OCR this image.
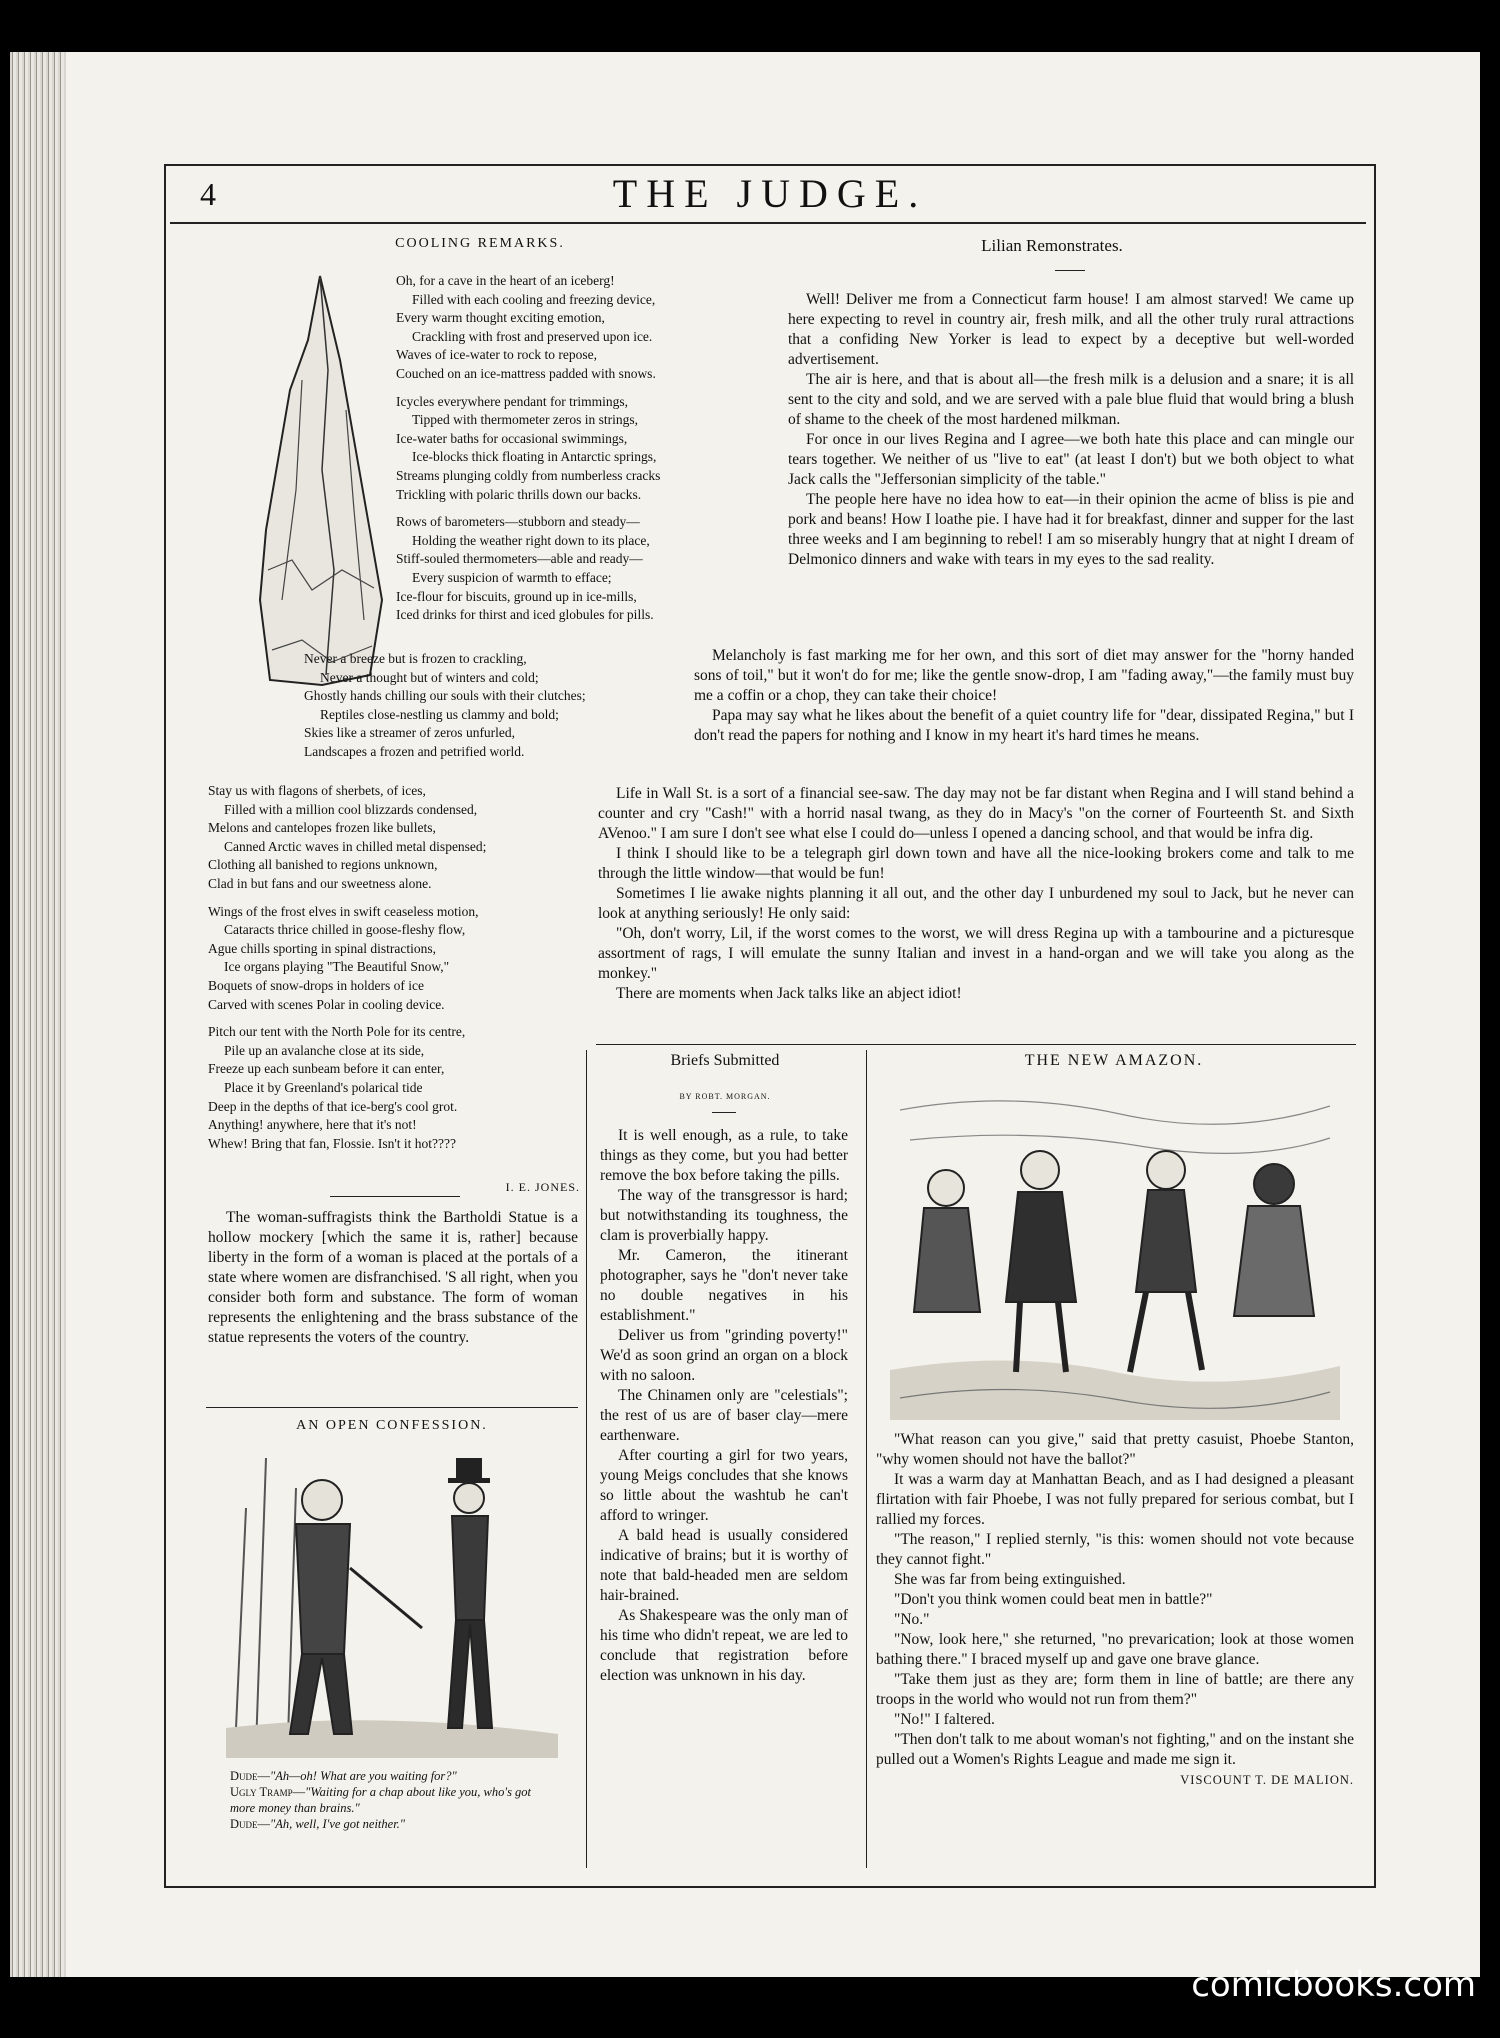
4	THE JUDGE.
COOLING REMARKS.
Oh, for a cave in the heart of an iceberg!
Filled with each cooling and freezing device,
Every warm thought exciting emotion,
Crackling with frost and preserved upon ice.
Waves of ice-water to rock to repose,
Couched on an ice-mattress padded with snows.
Icycles everywhere pendant for trimmings,
Tipped with thermometer zeros in strings,
Ice-water baths for occasional swimmings,
Ice-blocks thick floating in Antarctic springs,
Streams plunging coldly from numberless cracks
Trickling with polaric thrills down our backs.
Rows of barometers—stubborn and steady—
Holding the weather right down to its place,
Stiff-souled thermometers—able and ready—
Every suspicion of warmth to efface;
Ice-flour for biscuits, ground up in ice-mills,
Iced drinks for thirst and iced globules for pills.
Never a breeze but is frozen to crackling,
Never a thought but of winters and cold;
Ghostly hands chilling our souls with their clutches;
Reptiles close-nestling us clammy and bold;
Skies like a streamer of zeros unfurled,
Landscapes a frozen and petrified world.
Stay us with flagons of sherbets, of ices,
Filled with a million cool blizzards condensed,
Melons and cantelopes frozen like bullets,
Canned Arctic waves in chilled metal dispensed;
Clothing all banished to regions unknown,
Clad in but fans and our sweetness alone.
Wings of the frost elves in swift ceaseless motion,
Cataracts thrice chilled in goose-fleshy flow,
Ague chills sporting in spinal distractions,
Ice organs playing "The Beautiful Snow,"
Boquets of snow-drops in holders of ice
Carved with scenes Polar in cooling device.
Pitch our tent with the North Pole for its centre,
Pile up an avalanche close at its side,
Freeze up each sunbeam before it can enter,
Place it by Greenland's polarical tide
Deep in the depths of that ice-berg's cool grot.
Anything! anywhere, here that it's not!
Whew! Bring that fan, Flossie. Isn't it hot????
I. E. JONES.

The woman-suffragists think the Bartholdi Statue is a hollow mockery [which the same it is, rather] because liberty in the form of a woman is placed at the portals of a state where women are disfranchised. 'S all right, when you consider both form and substance. The form of woman represents the enlightening and the brass substance of the statue represents the voters of the country.

AN OPEN CONFESSION.
Dude—"Ah—oh! What are you waiting for?"
Ugly Tramp—"Waiting for a chap about like you, who's got more money than brains."
Dude—"Ah, well, I've got neither."
Lilian Remonstrates.

Well! Deliver me from a Connecticut farm house! I am almost starved! We came up here expecting to revel in country air, fresh milk, and all the other truly rural attractions that a confiding New Yorker is lead to expect by a deceptive but well-worded advertisement.

The air is here, and that is about all—the fresh milk is a delusion and a snare; it is all sent to the city and sold, and we are served with a pale blue fluid that would bring a blush of shame to the cheek of the most hardened milkman.

For once in our lives Regina and I agree—we both hate this place and can mingle our tears together. We neither of us "live to eat" (at least I don't) but we both object to what Jack calls the "Jeffersonian simplicity of the table."

The people here have no idea how to eat—in their opinion the acme of bliss is pie and pork and beans! How I loathe pie. I have had it for breakfast, dinner and supper for the last three weeks and I am beginning to rebel! I am so miserably hungry that at night I dream of Delmonico dinners and wake with tears in my eyes to the sad reality.

Melancholy is fast marking me for her own, and this sort of diet may answer for the "horny handed sons of toil," but it won't do for me; like the gentle snow-drop, I am "fading away,"—the family must buy me a coffin or a chop, they can take their choice!

Papa may say what he likes about the benefit of a quiet country life for "dear, dissipated Regina," but I don't read the papers for nothing and I know in my heart it's hard times he means.

Life in Wall St. is a sort of a financial see-saw. The day may not be far distant when Regina and I will stand behind a counter and cry "Cash!" with a horrid nasal twang, as they do in Macy's "on the corner of Fourteenth St. and Sixth AVenoo." I am sure I don't see what else I could do—unless I opened a dancing school, and that would be infra dig.

I think I should like to be a telegraph girl down town and have all the nice-looking brokers come and talk to me through the little window—that would be fun!

Sometimes I lie awake nights planning it all out, and the other day I unburdened my soul to Jack, but he never can look at anything seriously! He only said:

"Oh, don't worry, Lil, if the worst comes to the worst, we will dress Regina up with a tambourine and a picturesque assortment of rags, I will emulate the sunny Italian and invest in a hand-organ and we will take you along as the monkey."

There are moments when Jack talks like an abject idiot!

Briefs Submitted
BY ROBT. MORGAN.

It is well enough, as a rule, to take things as they come, but you had better remove the box before taking the pills.

The way of the transgressor is hard; but notwithstanding its toughness, the clam is proverbially happy.

Mr. Cameron, the itinerant photographer, says he "don't never take no double negatives in his establishment."

Deliver us from "grinding poverty!" We'd as soon grind an organ on a block with no saloon.

The Chinamen only are "celestials"; the rest of us are of baser clay—mere earthenware.

After courting a girl for two years, young Meigs concludes that she knows so little about the washtub he can't afford to wringer.

A bald head is usually considered indicative of brains; but it is worthy of note that bald-headed men are seldom hair-brained.

As Shakespeare was the only man of his time who didn't repeat, we are led to conclude that registration before election was unknown in his day.

THE NEW AMAZON.

"What reason can you give," said that pretty casuist, Phoebe Stanton, "why women should not have the ballot?"

It was a warm day at Manhattan Beach, and as I had designed a pleasant flirtation with fair Phoebe, I was not fully prepared for serious combat, but I rallied my forces.

"The reason," I replied sternly, "is this: women should not vote because they cannot fight."

She was far from being extinguished.

"Don't you think women could beat men in battle?"

"No."

"Now, look here," she returned, "no prevarication; look at those women bathing there." I braced myself up and gave one brave glance.

"Take them just as they are; form them in line of battle; are there any troops in the world who would not run from them?"

"No!" I faltered.

"Then don't talk to me about woman's not fighting," and on the instant she pulled out a Women's Rights League and made me sign it.

VISCOUNT T. DE MALION.
comicbooks.com
